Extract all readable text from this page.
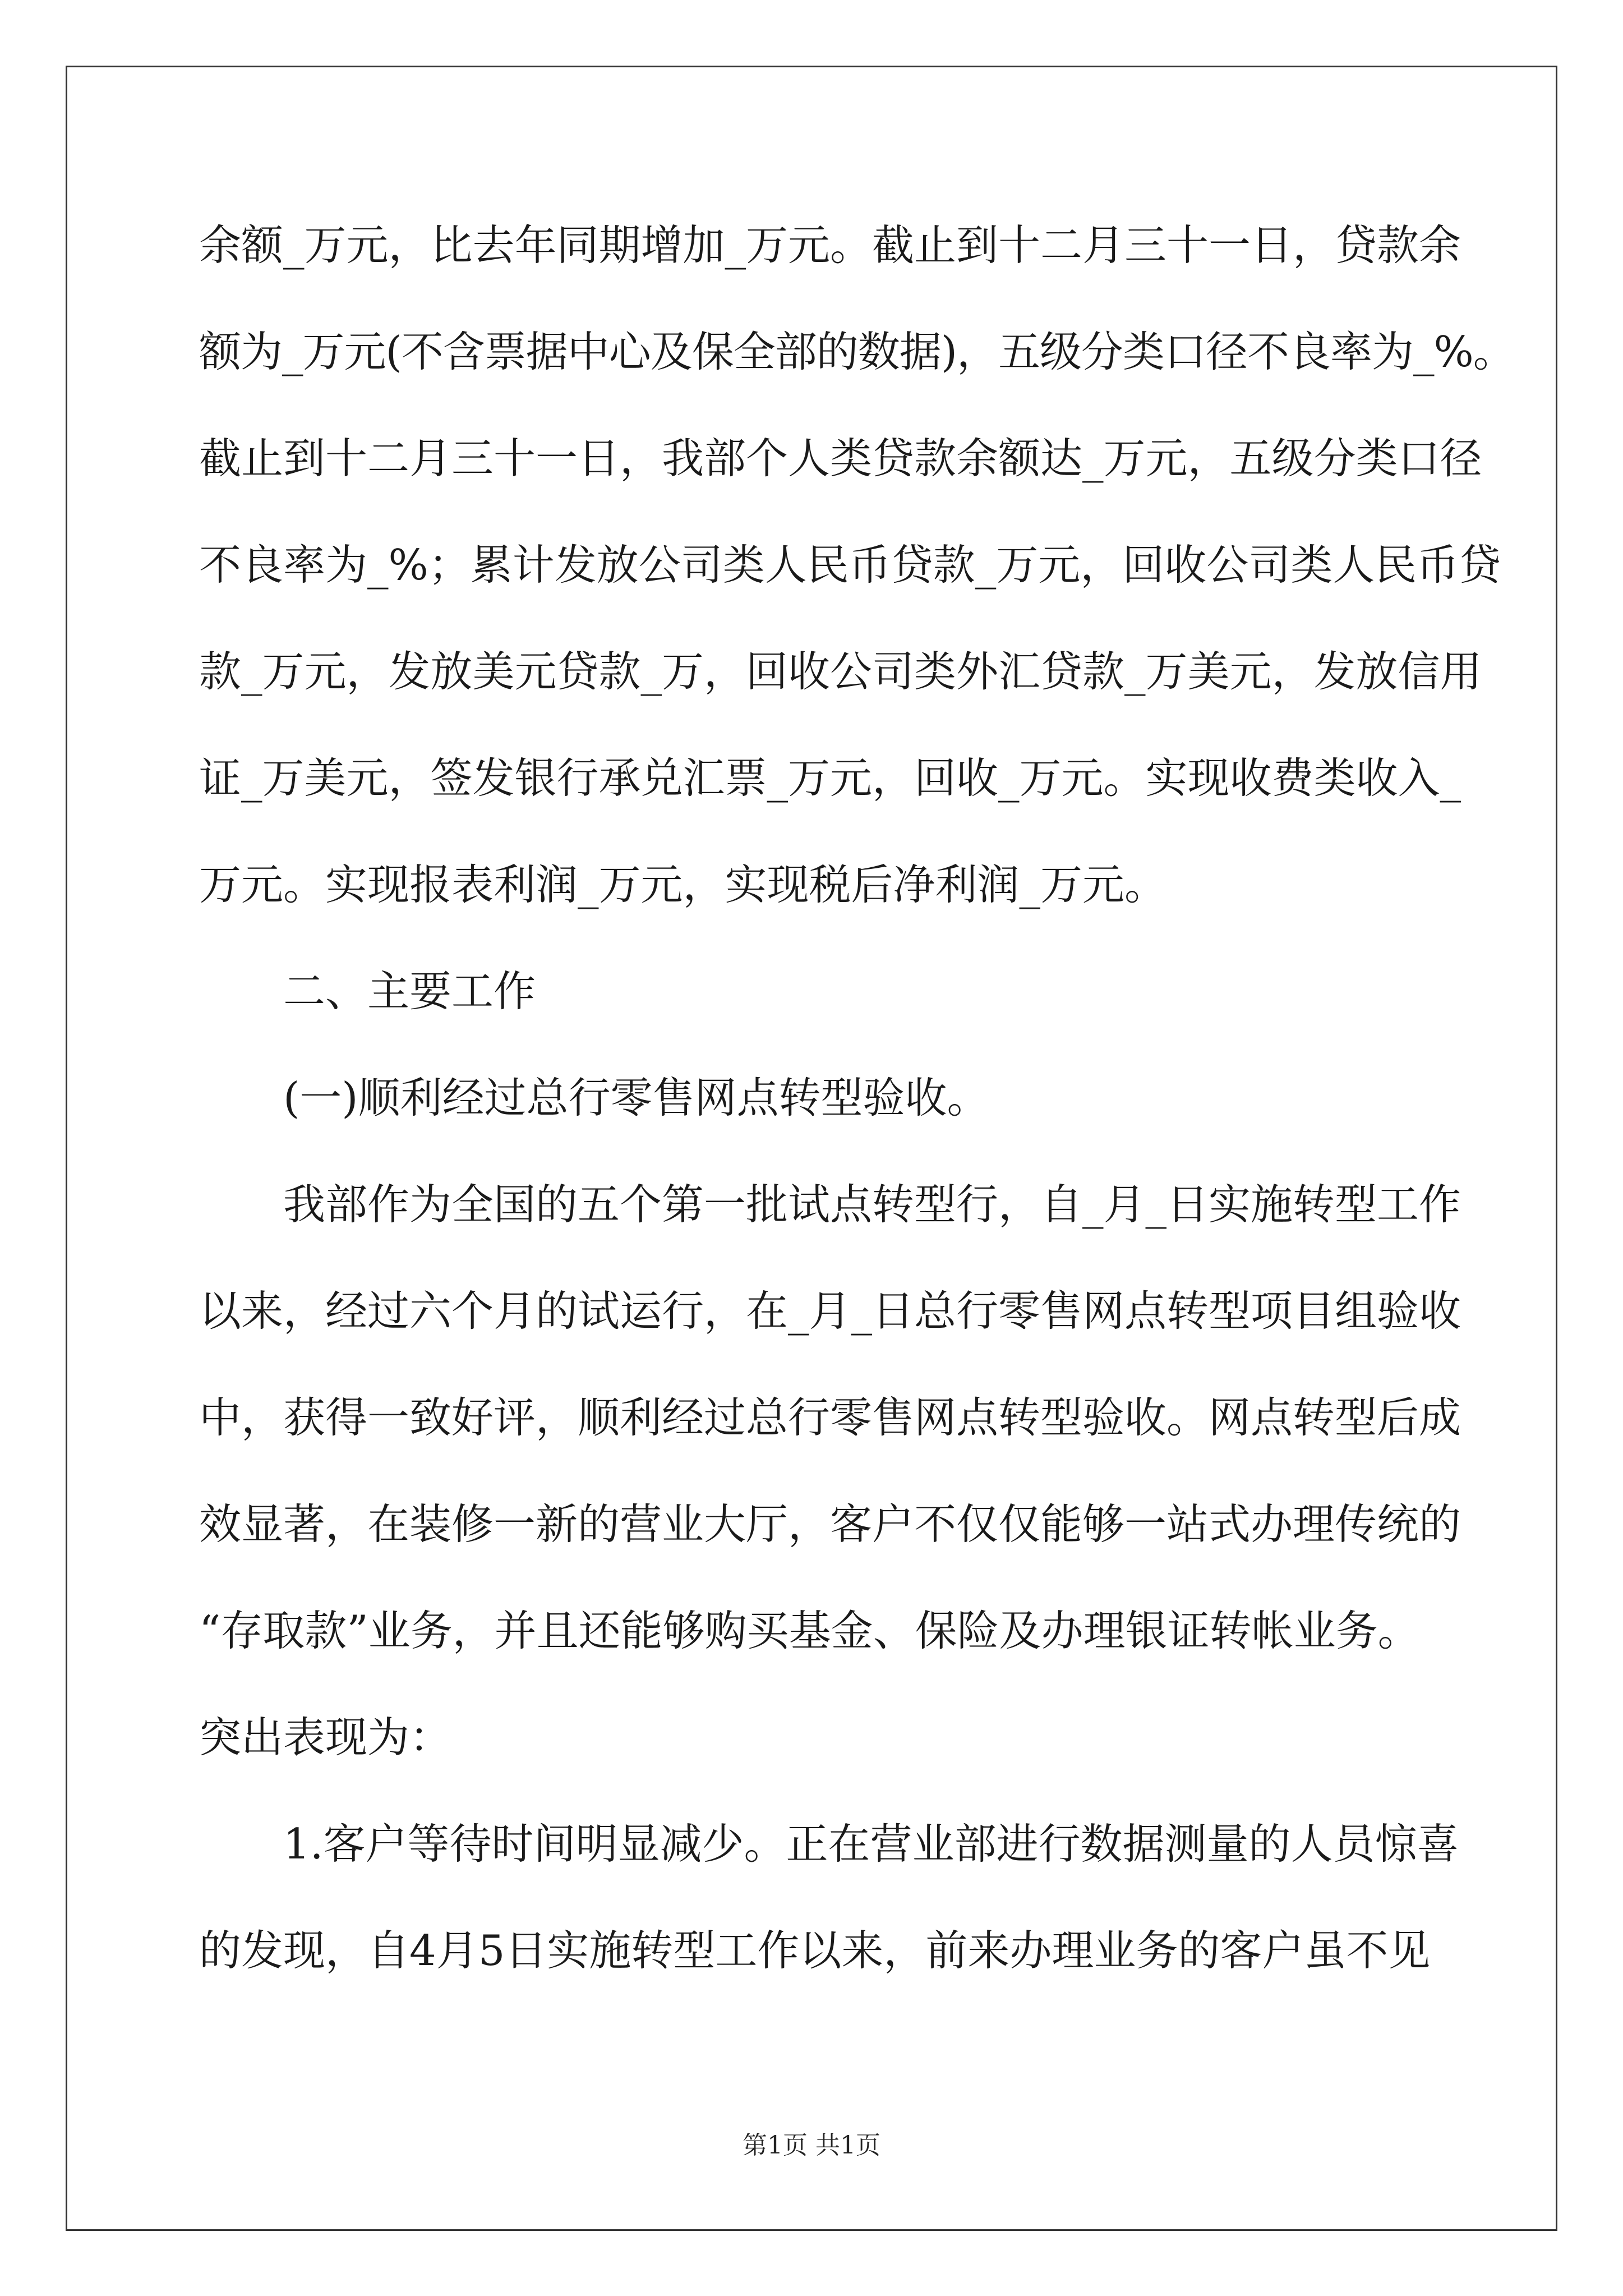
余额_万元，比去年同期增加_万元。截止到十二月三十一日，贷款余
额为_万元(不含票据中心及保全部的数据)，五级分类口径不良率为_%。
截止到十二月三十一日，我部个人类贷款余额达_万元，五级分类口径
不良率为_%；累计发放公司类人民币贷款_万元，回收公司类人民币贷
款_万元，发放美元贷款_万，回收公司类外汇贷款_万美元，发放信用
证_万美元，签发银行承兑汇票_万元，回收_万元。实现收费类收入_
万元。实现报表利润_万元，实现税后净利润_万元。
二、主要工作
(一)顺利经过总行零售网点转型验收。
我部作为全国的五个第一批试点转型行，自_月_日实施转型工作
以来，经过六个月的试运行，在_月_日总行零售网点转型项目组验收
中，获得一致好评，顺利经过总行零售网点转型验收。网点转型后成
效显著，在装修一新的营业大厅，客户不仅仅能够一站式办理传统的
“存取款”业务，并且还能够购买基金、保险及办理银证转帐业务。
突出表现为：
1.客户等待时间明显减少。正在营业部进行数据测量的人员惊喜
的发现，自4月5日实施转型工作以来，前来办理业务的客户虽不见
第1页 共1页
